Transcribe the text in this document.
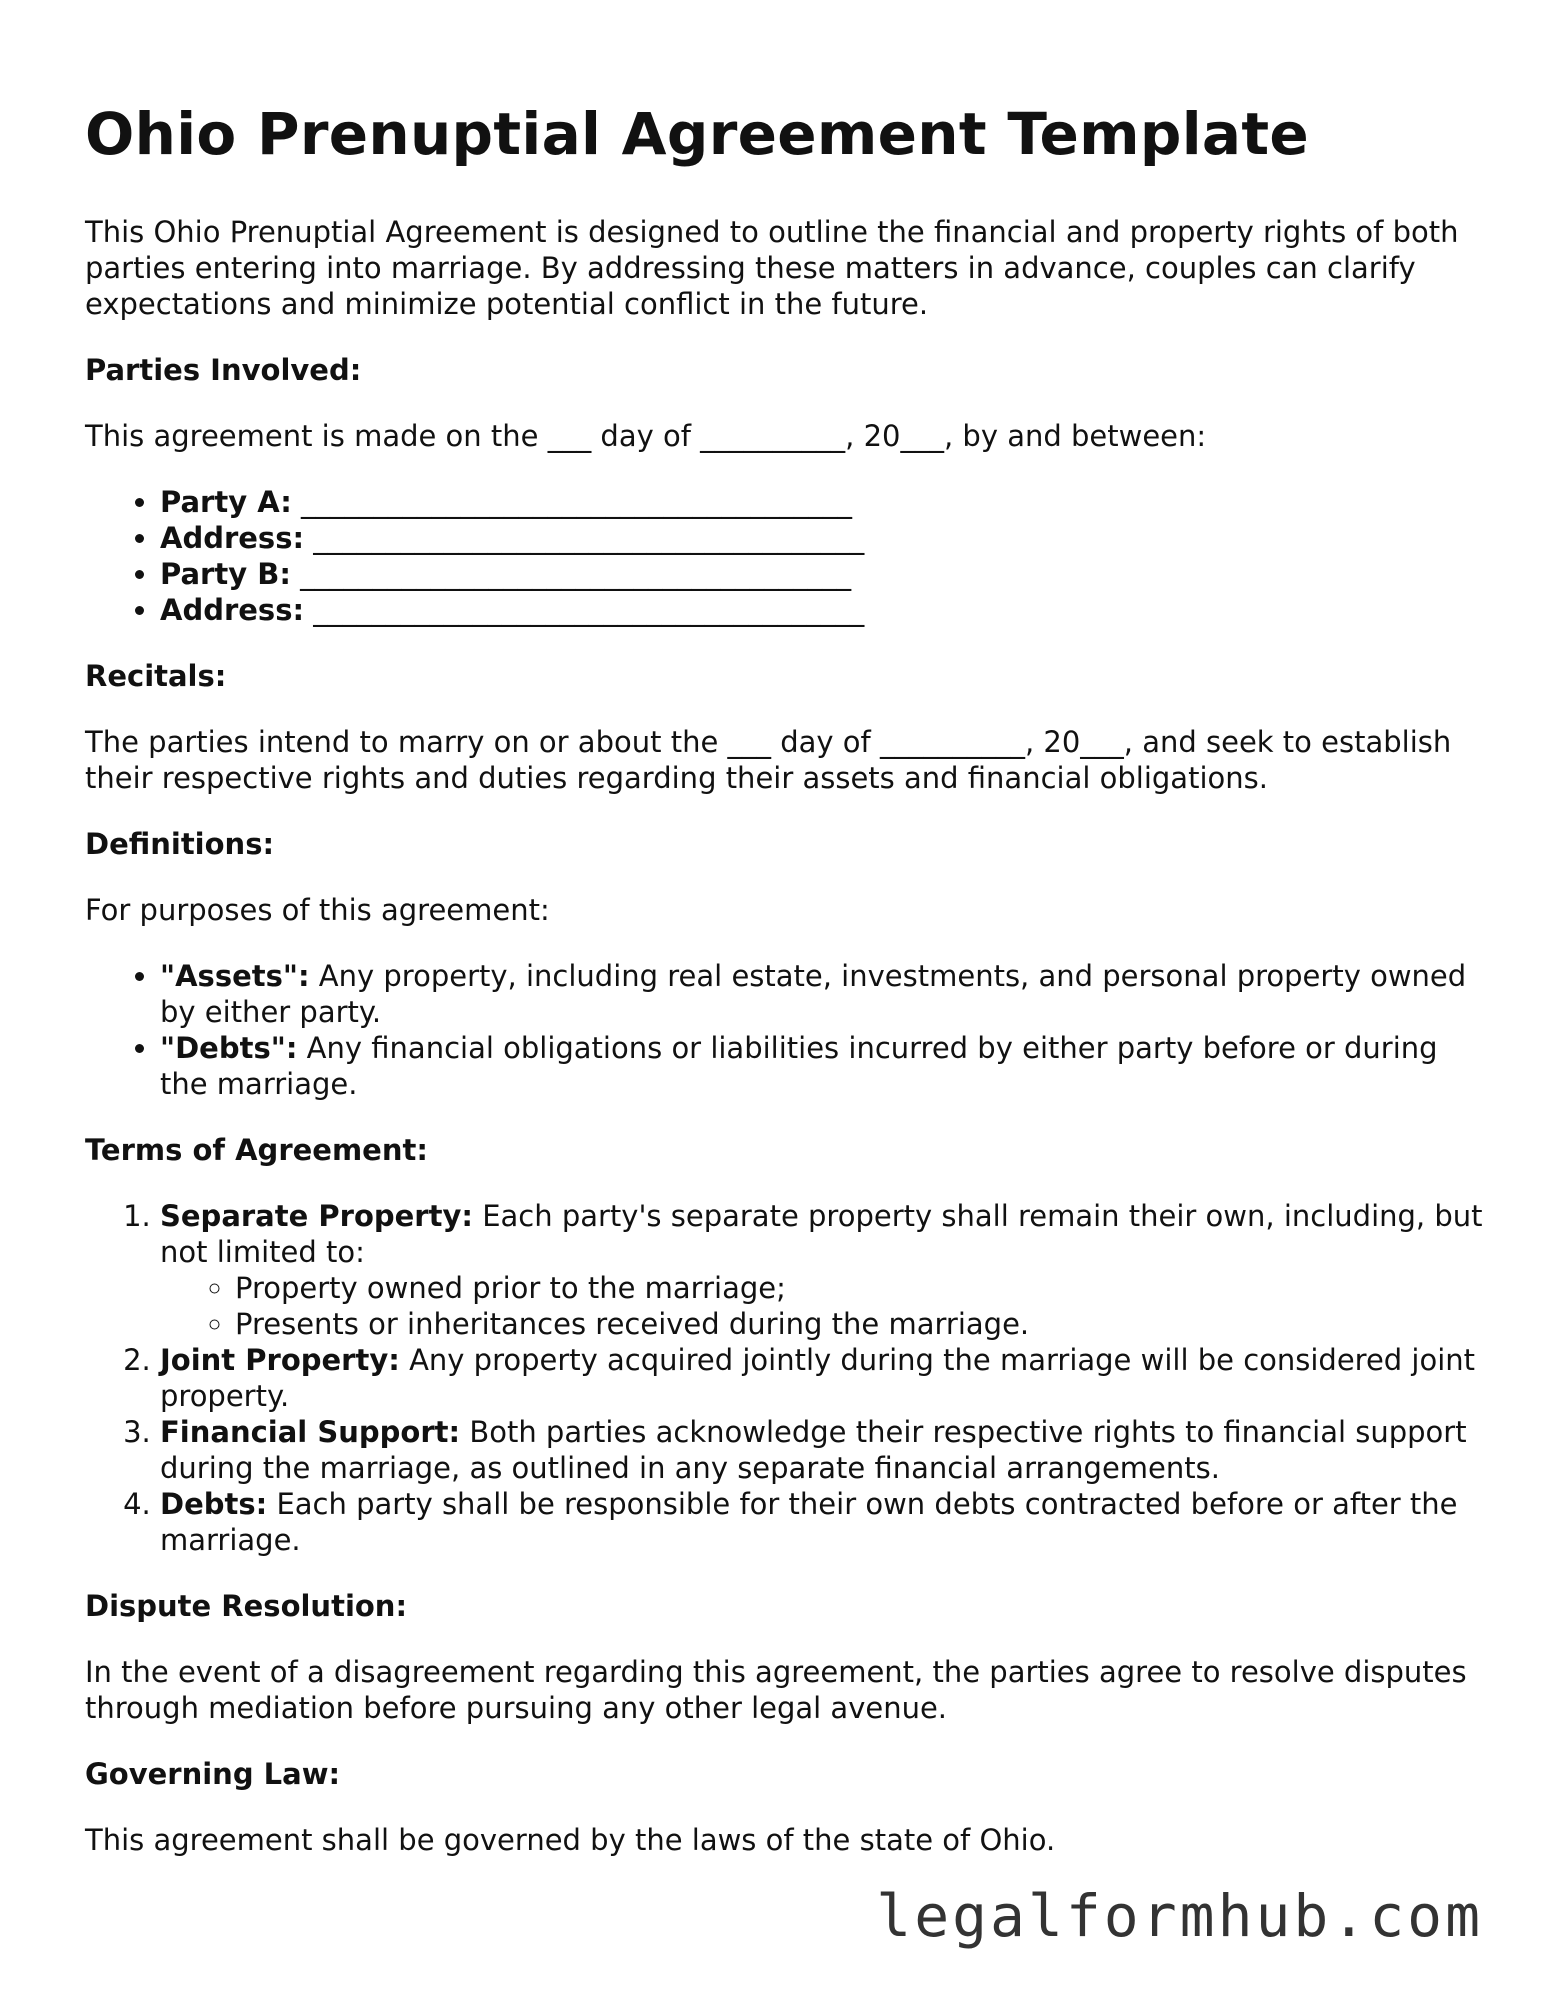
Ohio Prenuptial Agreement Template

This Ohio Prenuptial Agreement is designed to outline the financial and property rights of both parties entering into marriage. By addressing these matters in advance, couples can clarify expectations and minimize potential conflict in the future.

Parties Involved:

This agreement is made on the ___ day of __________, 20___, by and between:

• Party A: ______________________________________
• Address: ______________________________________
• Party B: ______________________________________
• Address: ______________________________________

Recitals:

The parties intend to marry on or about the ___ day of __________, 20___, and seek to establish their respective rights and duties regarding their assets and financial obligations.

Definitions:

For purposes of this agreement:

• "Assets": Any property, including real estate, investments, and personal property owned by either party.
• "Debts": Any financial obligations or liabilities incurred by either party before or during the marriage.

Terms of Agreement:

1. Separate Property: Each party's separate property shall remain their own, including, but not limited to:
◦ Property owned prior to the marriage;
◦ Presents or inheritances received during the marriage.
2. Joint Property: Any property acquired jointly during the marriage will be considered joint property.
3. Financial Support: Both parties acknowledge their respective rights to financial support during the marriage, as outlined in any separate financial arrangements.
4. Debts: Each party shall be responsible for their own debts contracted before or after the marriage.

Dispute Resolution:

In the event of a disagreement regarding this agreement, the parties agree to resolve disputes through mediation before pursuing any other legal avenue.

Governing Law:

This agreement shall be governed by the laws of the state of Ohio.

legalformhub.com
